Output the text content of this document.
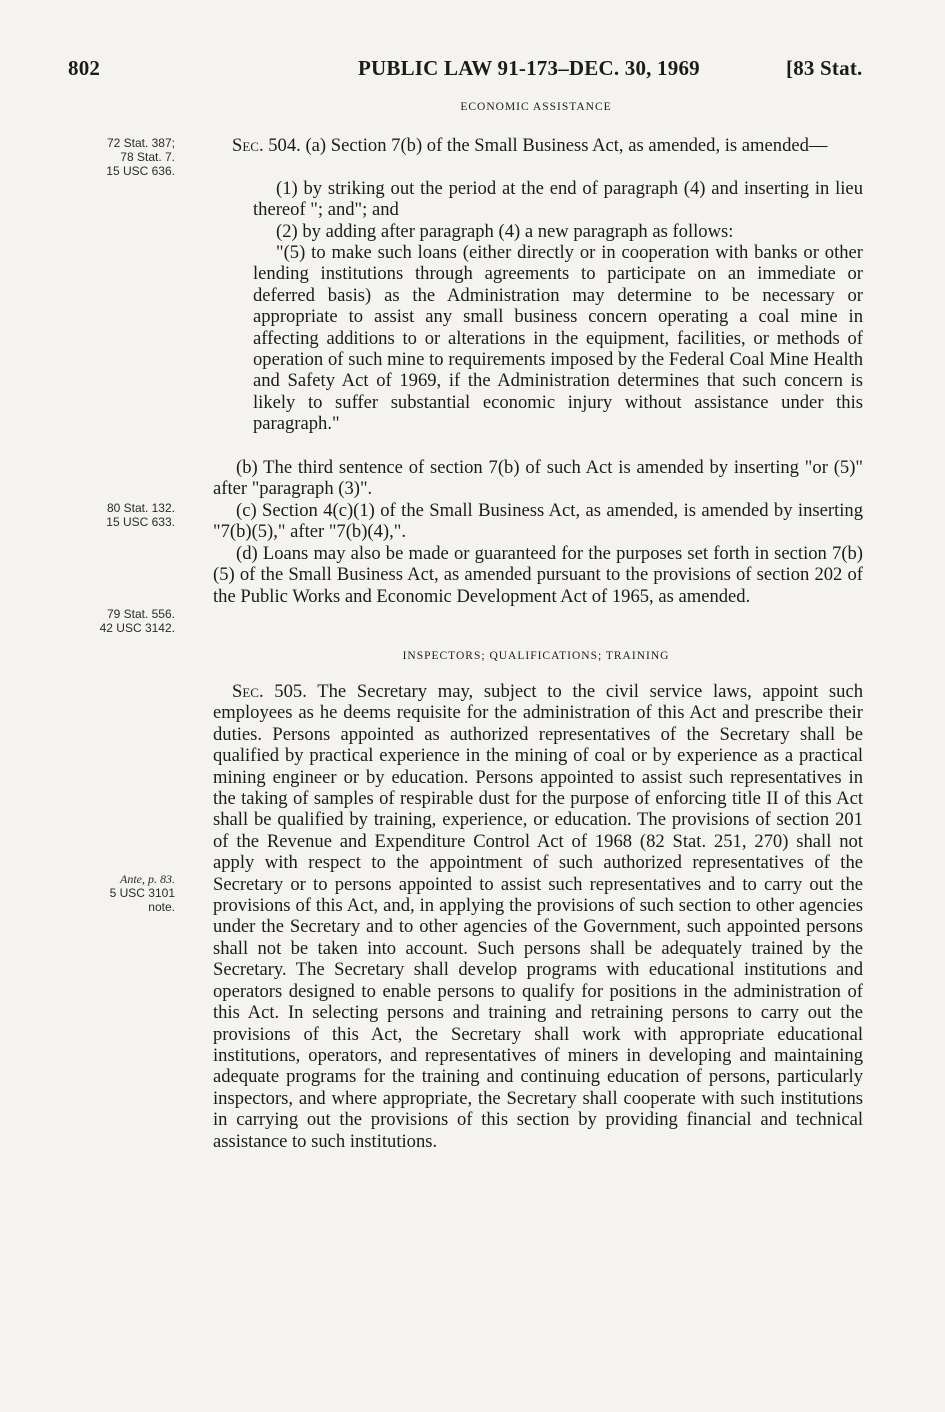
802	PUBLIC LAW 91-173–DEC. 30, 1969	[83 Stat.
ECONOMIC ASSISTANCE
72 Stat. 387;
78 Stat. 7.
15 USC 636.

Sec. 504. (a) Section 7(b) of the Small Business Act, as amended, is amended—

(1) by striking out the period at the end of paragraph (4) and inserting in lieu thereof "; and"; and

(2) by adding after paragraph (4) a new paragraph as follows:

"(5) to make such loans (either directly or in cooperation with banks or other lending institutions through agreements to participate on an immediate or deferred basis) as the Administration may determine to be necessary or appropriate to assist any small business concern operating a coal mine in affecting additions to or alterations in the equipment, facilities, or methods of operation of such mine to requirements imposed by the Federal Coal Mine Health and Safety Act of 1969, if the Administration determines that such concern is likely to suffer substantial economic injury without assistance under this paragraph."

(b) The third sentence of section 7(b) of such Act is amended by inserting "or (5)" after "paragraph (3)".

80 Stat. 132.
15 USC 633.

(c) Section 4(c)(1) of the Small Business Act, as amended, is amended by inserting "7(b)(5)," after "7(b)(4),".

(d) Loans may also be made or guaranteed for the purposes set forth in section 7(b)(5) of the Small Business Act, as amended pursuant to the provisions of section 202 of the Public Works and Economic Development Act of 1965, as amended.

79 Stat. 556.
42 USC 3142.
INSPECTORS; QUALIFICATIONS; TRAINING

Sec. 505. The Secretary may, subject to the civil service laws, appoint such employees as he deems requisite for the administration of this Act and prescribe their duties. Persons appointed as authorized representatives of the Secretary shall be qualified by practical experience in the mining of coal or by experience as a practical mining engineer or by education. Persons appointed to assist such representatives in the taking of samples of respirable dust for the purpose of enforcing title II of this Act shall be qualified by training, experience, or education. The provisions of section 201 of the Revenue and Expenditure Control Act of 1968 (82 Stat. 251, 270) shall not apply with respect to the appointment of such authorized representatives of the Secretary or to persons appointed to assist such representatives and to carry out the provisions of this Act, and, in applying the provisions of such section to other agencies under the Secretary and to other agencies of the Government, such appointed persons shall not be taken into account. Such persons shall be adequately trained by the Secretary. The Secretary shall develop programs with educational institutions and operators designed to enable persons to qualify for positions in the administration of this Act. In selecting persons and training and retraining persons to carry out the provisions of this Act, the Secretary shall work with appropriate educational institutions, operators, and representatives of miners in developing and maintaining adequate programs for the training and continuing education of persons, particularly inspectors, and where appropriate, the Secretary shall cooperate with such institutions in carrying out the provisions of this section by providing financial and technical assistance to such institutions.

Ante, p. 83.
5 USC 3101
note.
